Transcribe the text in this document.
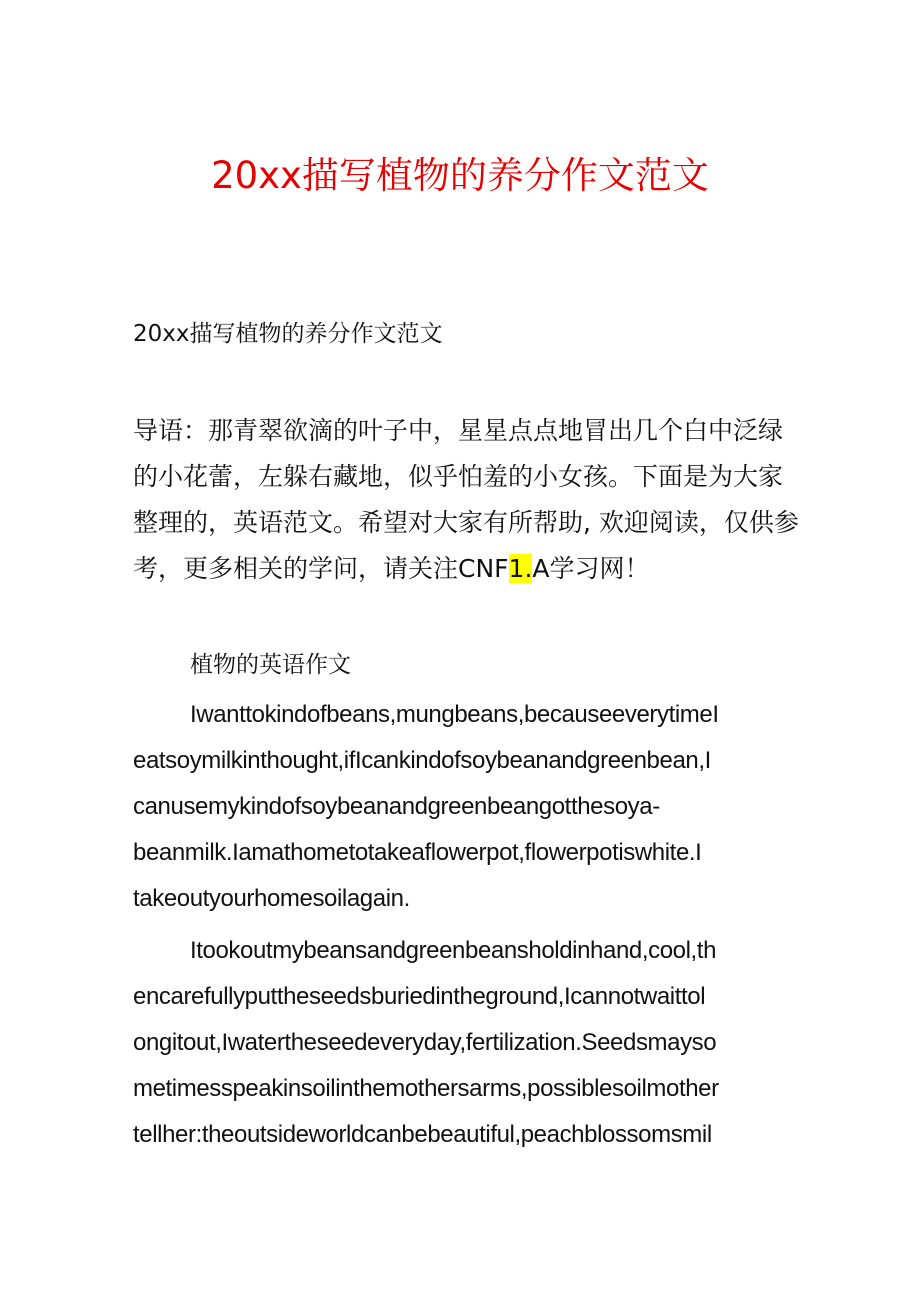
20xx描写植物的养分作文范文
20xx描写植物的养分作文范文
导语：那青翠欲滴的叶子中，星星点点地冒出几个白中泛绿
的小花蕾，左躲右藏地，似乎怕羞的小女孩。下面是为大家
整理的，英语范文。希望对大家有所帮助, 欢迎阅读，仅供参
考，更多相关的学问，请关注CNF1.A学习网！
植物的英语作文
Iwanttokindofbeans,mungbeans,becauseeverytimeI
eatsoymilkinthought,ifIcankindofsoybeanandgreenbean,I
canusemykindofsoybeanandgreenbeangotthesoya-
beanmilk.Iamathometotakeaflowerpot,flowerpotiswhite.I
takeoutyourhomesoilagain.
Itookoutmybeansandgreenbeansholdinhand,cool,th
encarefullyputtheseedsburiedintheground,Icannotwaittol
ongitout,Iwatertheseedeveryday,fertilization.Seedsmayso
metimesspeakinsoilinthemothersarms,possiblesoilmother
tellher:theoutsideworldcanbebeautiful,peachblossomsmil
